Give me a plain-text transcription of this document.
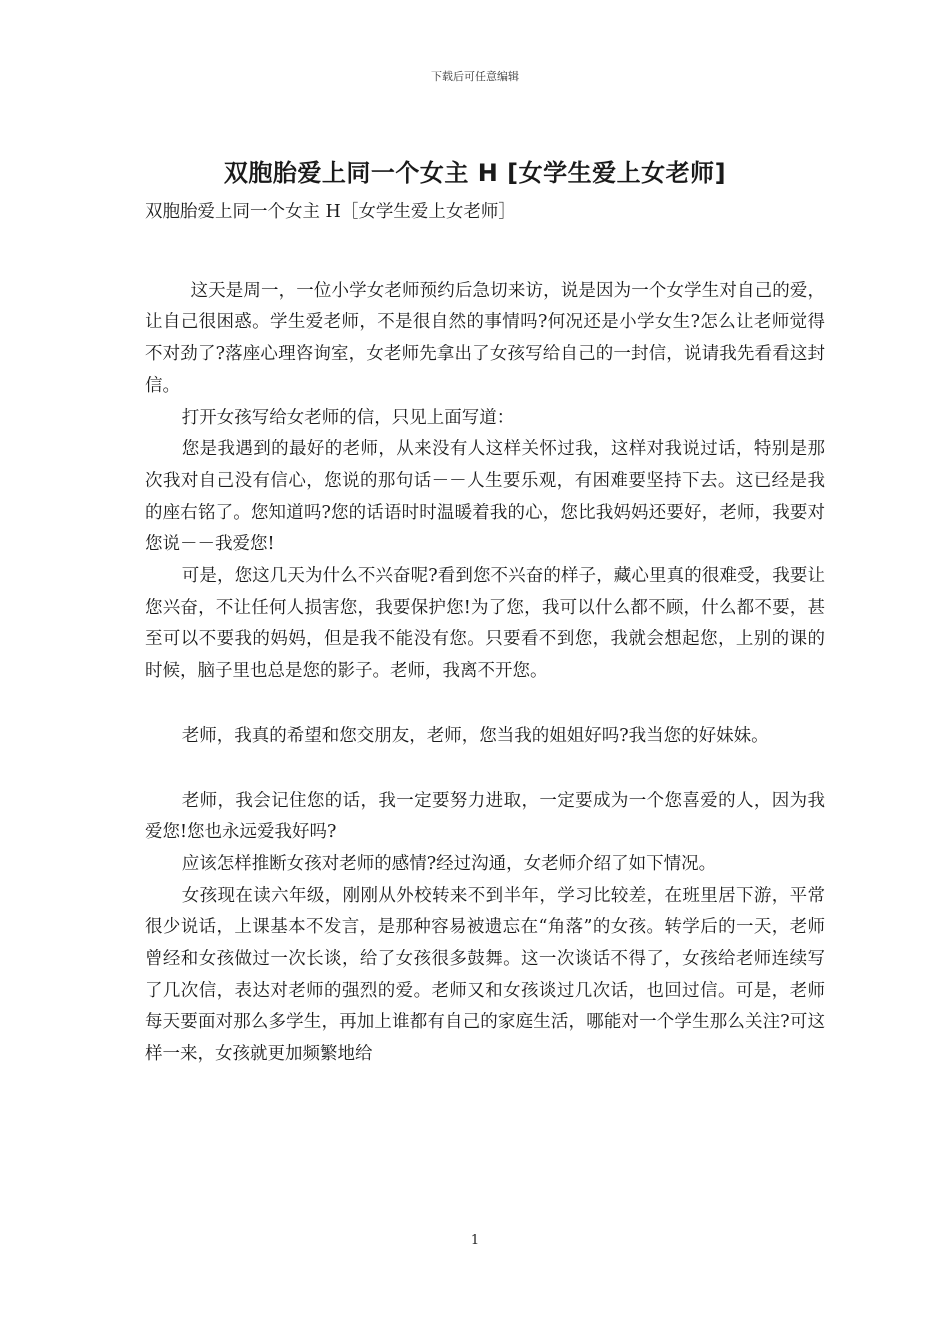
下载后可任意编辑
双胞胎爱上同一个女主 H [女学生爱上女老师]

双胞胎爱上同一个女主 H［女学生爱上女老师］

这天是周一，一位小学女老师预约后急切来访，说是因为一个女学生对自己的爱，让自己很困惑。学生爱老师，不是很自然的事情吗?何况还是小学女生?怎么让老师觉得不对劲了?落座心理咨询室，女老师先拿出了女孩写给自己的一封信，说请我先看看这封信。

打开女孩写给女老师的信，只见上面写道：

您是我遇到的最好的老师，从来没有人这样关怀过我，这样对我说过话，特别是那次我对自己没有信心，您说的那句话－－人生要乐观，有困难要坚持下去。这已经是我的座右铭了。您知道吗?您的话语时时温暖着我的心，您比我妈妈还要好，老师，我要对您说－－我爱您!

可是，您这几天为什么不兴奋呢?看到您不兴奋的样子，藏心里真的很难受，我要让您兴奋，不让任何人损害您，我要保护您!为了您，我可以什么都不顾，什么都不要，甚至可以不要我的妈妈，但是我不能没有您。只要看不到您，我就会想起您，上别的课的时候，脑子里也总是您的影子。老师，我离不开您。

老师，我真的希望和您交朋友，老师，您当我的姐姐好吗?我当您的好妹妹。

老师，我会记住您的话，我一定要努力进取，一定要成为一个您喜爱的人，因为我爱您!您也永远爱我好吗?

应该怎样推断女孩对老师的感情?经过沟通，女老师介绍了如下情况。

女孩现在读六年级，刚刚从外校转来不到半年，学习比较差，在班里居下游，平常很少说话，上课基本不发言，是那种容易被遗忘在“角落”的女孩。转学后的一天，老师曾经和女孩做过一次长谈，给了女孩很多鼓舞。这一次谈话不得了，女孩给老师连续写了几次信，表达对老师的强烈的爱。老师又和女孩谈过几次话，也回过信。可是，老师每天要面对那么多学生，再加上谁都有自己的家庭生活，哪能对一个学生那么关注?可这样一来，女孩就更加频繁地给

1
